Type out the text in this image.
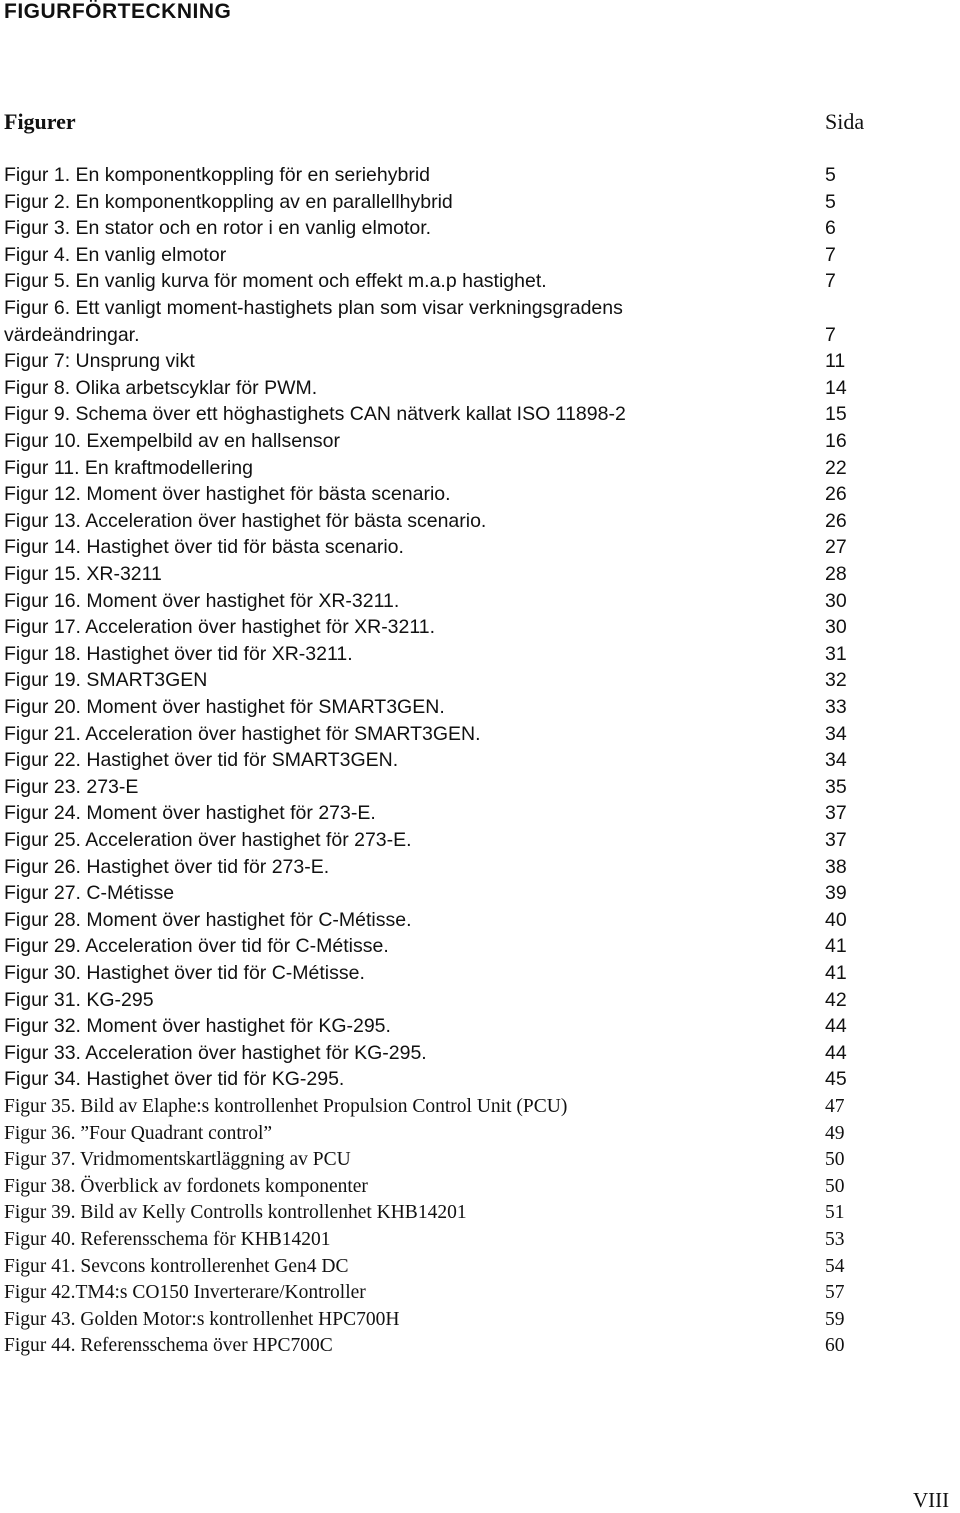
FIGURFÖRTECKNING
Figurer	Sida
Figur 1. En komponentkoppling för en seriehybrid	5
Figur 2. En komponentkoppling av en parallellhybrid	5
Figur 3. En stator och en rotor i en vanlig elmotor.	6
Figur 4. En vanlig elmotor	7
Figur 5. En vanlig kurva för moment och effekt m.a.p hastighet.	7
Figur 6. Ett vanligt moment-hastighets plan som visar verkningsgradens
värdeändringar.	7
Figur 7: Unsprung vikt	11
Figur 8. Olika arbetscyklar för PWM.	14
Figur 9. Schema över ett höghastighets CAN nätverk kallat ISO 11898-2	15
Figur 10. Exempelbild av en hallsensor	16
Figur 11. En kraftmodellering	22
Figur 12. Moment över hastighet för bästa scenario.	26
Figur 13. Acceleration över hastighet för bästa scenario.	26
Figur 14. Hastighet över tid för bästa scenario.	27
Figur 15. XR-3211	28
Figur 16. Moment över hastighet för XR-3211.	30
Figur 17. Acceleration över hastighet för XR-3211.	30
Figur 18. Hastighet över tid för XR-3211.	31
Figur 19. SMART3GEN	32
Figur 20. Moment över hastighet för SMART3GEN.	33
Figur 21. Acceleration över hastighet för SMART3GEN.	34
Figur 22. Hastighet över tid för SMART3GEN.	34
Figur 23. 273-E	35
Figur 24. Moment över hastighet för 273-E.	37
Figur 25. Acceleration över hastighet för 273-E.	37
Figur 26. Hastighet över tid för 273-E.	38
Figur 27. C-Métisse	39
Figur 28. Moment över hastighet för C-Métisse.	40
Figur 29. Acceleration över tid för C-Métisse.	41
Figur 30. Hastighet över tid för C-Métisse.	41
Figur 31. KG-295	42
Figur 32. Moment över hastighet för KG-295.	44
Figur 33. Acceleration över hastighet för KG-295.	44
Figur 34. Hastighet över tid för KG-295.	45
Figur 35. Bild av Elaphe:s kontrollenhet Propulsion Control Unit (PCU)	47
Figur 36. ”Four Quadrant control”	49
Figur 37. Vridmomentskartläggning av PCU	50
Figur 38. Överblick av fordonets komponenter	50
Figur 39. Bild av Kelly Controlls kontrollenhet KHB14201	51
Figur 40. Referensschema för KHB14201	53
Figur 41. Sevcons kontrollerenhet Gen4 DC	54
Figur 42.TM4:s CO150 Inverterare/Kontroller	57
Figur 43. Golden Motor:s kontrollenhet HPC700H	59
Figur 44. Referensschema över HPC700C	60
VIII
